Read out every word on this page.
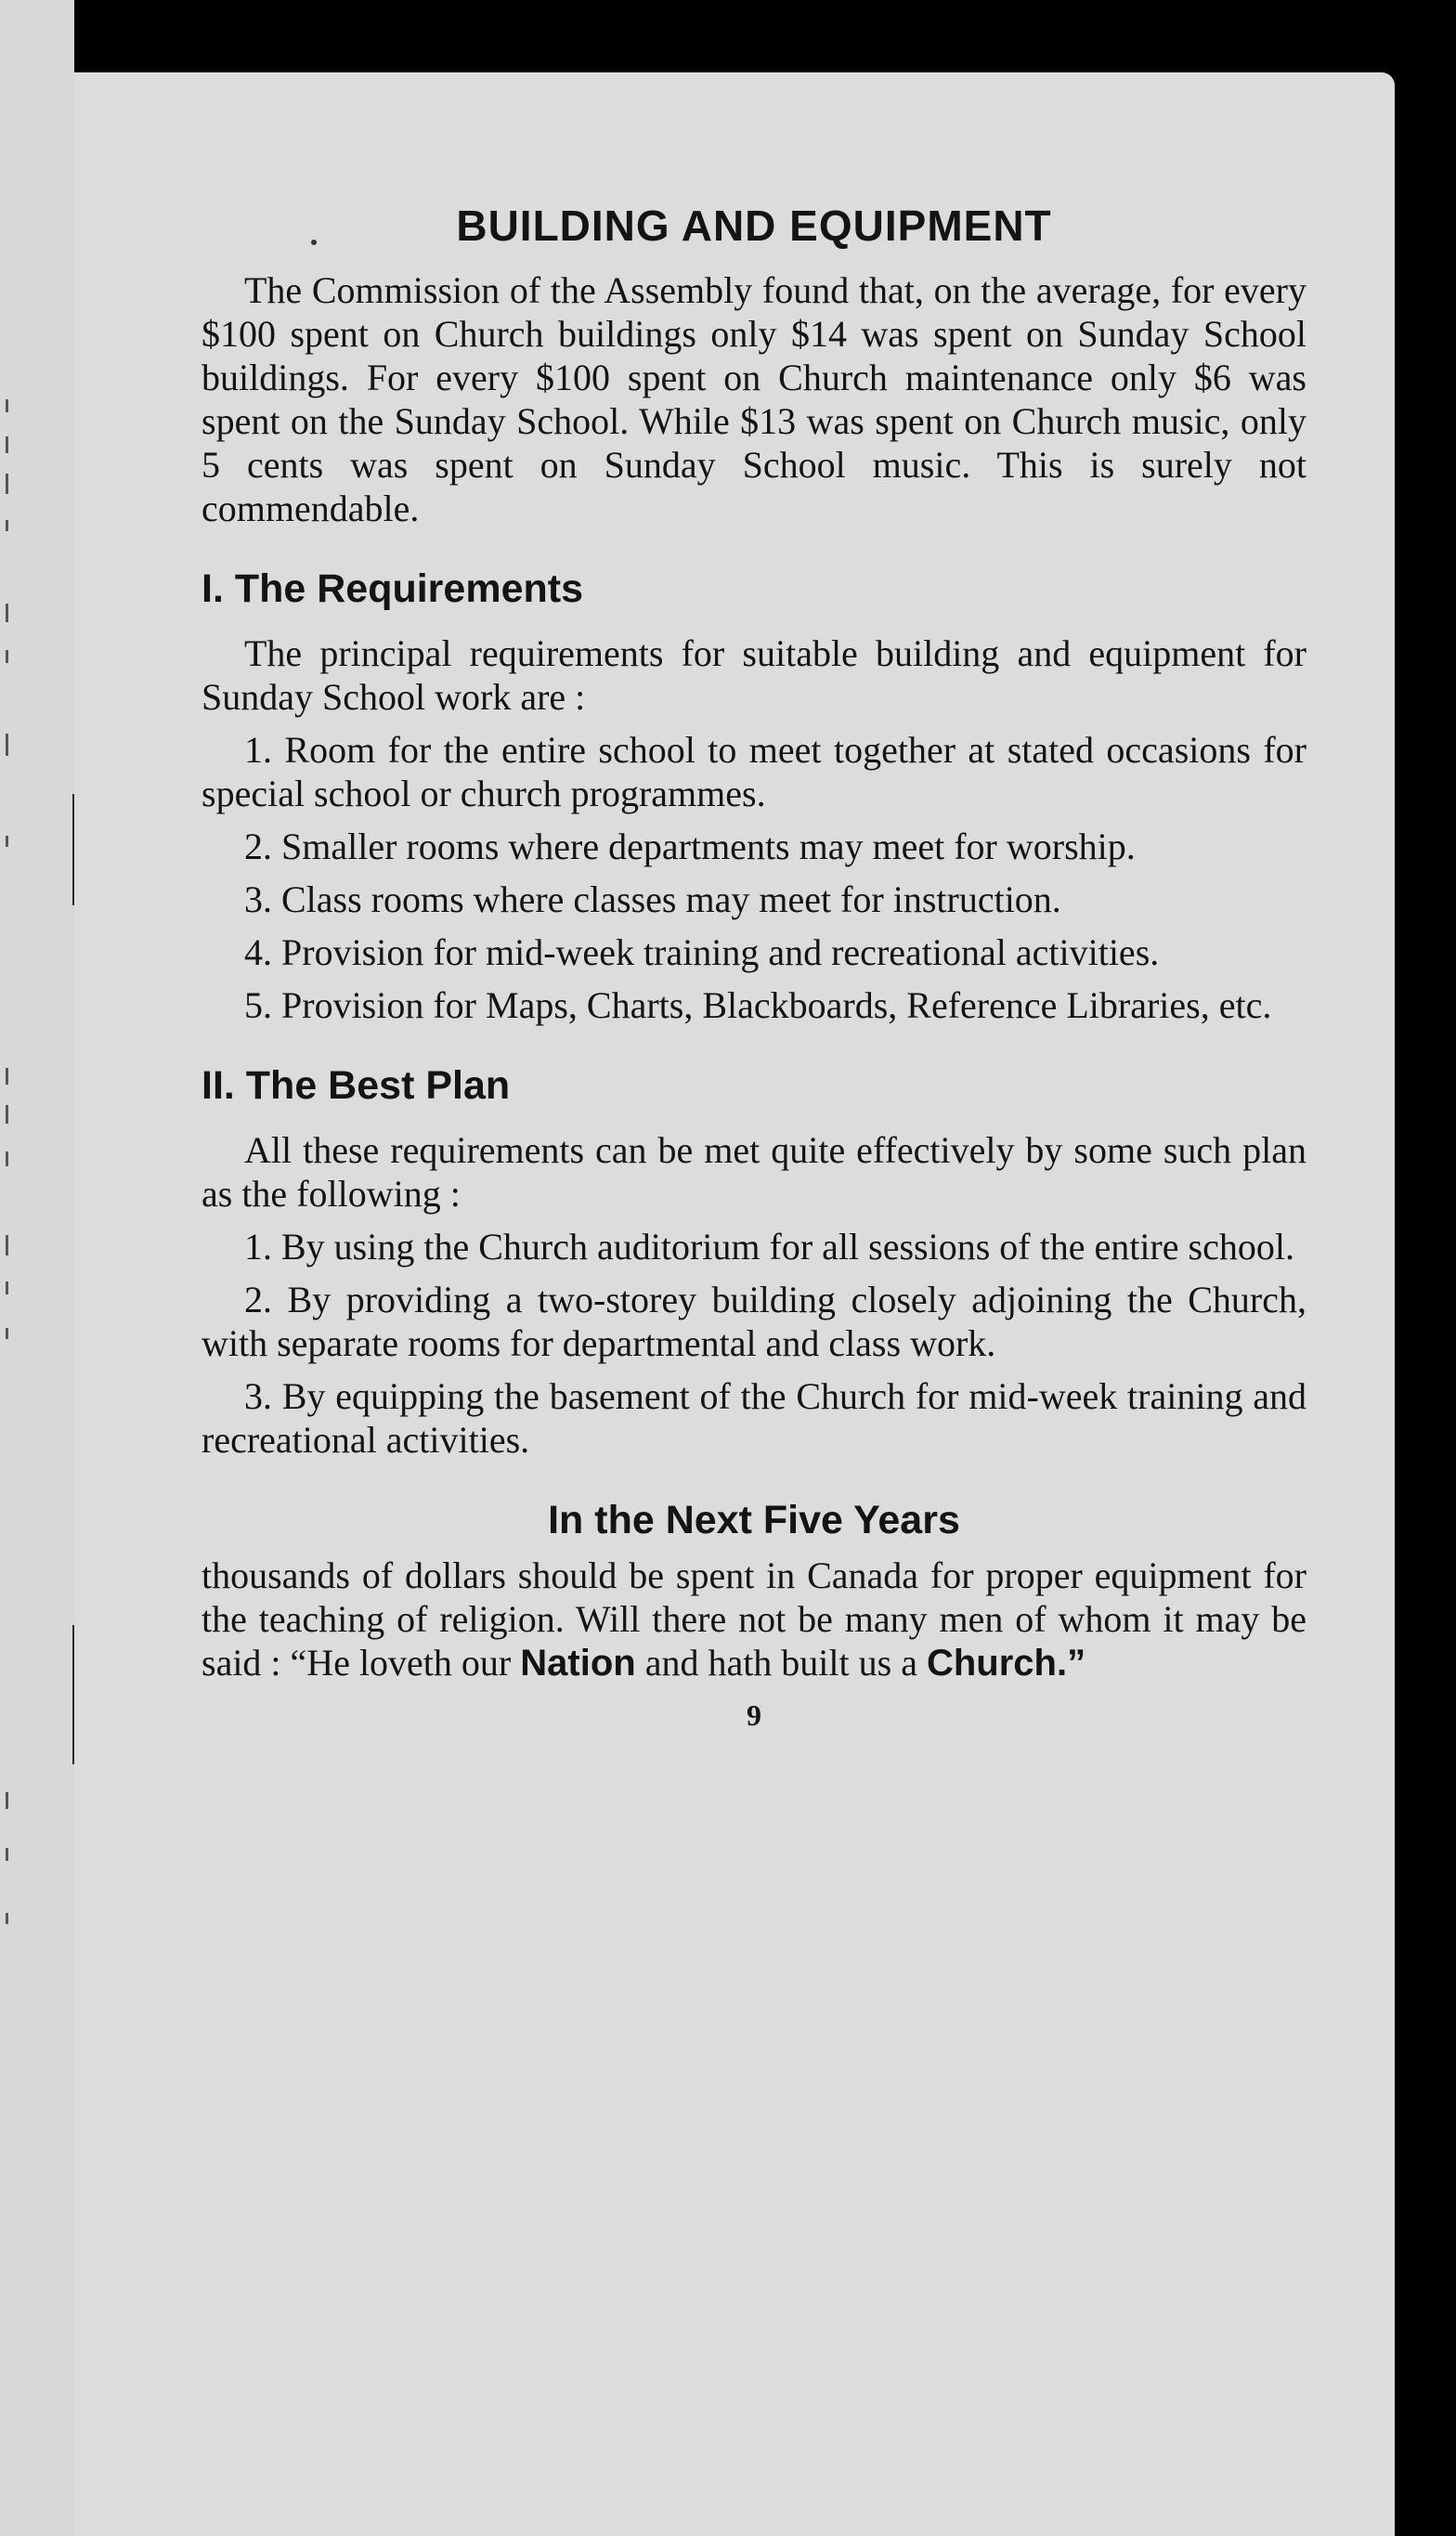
BUILDING AND EQUIPMENT

The Commission of the Assembly found that, on the average, for every $100 spent on Church buildings only $14 was spent on Sunday School buildings. For every $100 spent on Church maintenance only $6 was spent on the Sunday School. While $13 was spent on Church music, only 5 cents was spent on Sunday School music. This is surely not commendable.

I. The Requirements

The principal requirements for suitable building and equipment for Sunday School work are :

1. Room for the entire school to meet together at stated occasions for special school or church programmes.

2. Smaller rooms where departments may meet for worship.

3. Class rooms where classes may meet for instruction.

4. Provision for mid-week training and recreational activities.

5. Provision for Maps, Charts, Blackboards, Reference Libraries, etc.

II. The Best Plan

All these requirements can be met quite effectively by some such plan as the following :

1. By using the Church auditorium for all sessions of the entire school.

2. By providing a two-storey building closely adjoining the Church, with separate rooms for departmental and class work.

3. By equipping the basement of the Church for mid-week training and recreational activities.

In the Next Five Years

thousands of dollars should be spent in Canada for proper equipment for the teaching of religion. Will there not be many men of whom it may be said : “He loveth our Nation and hath built us a Church.”

9
